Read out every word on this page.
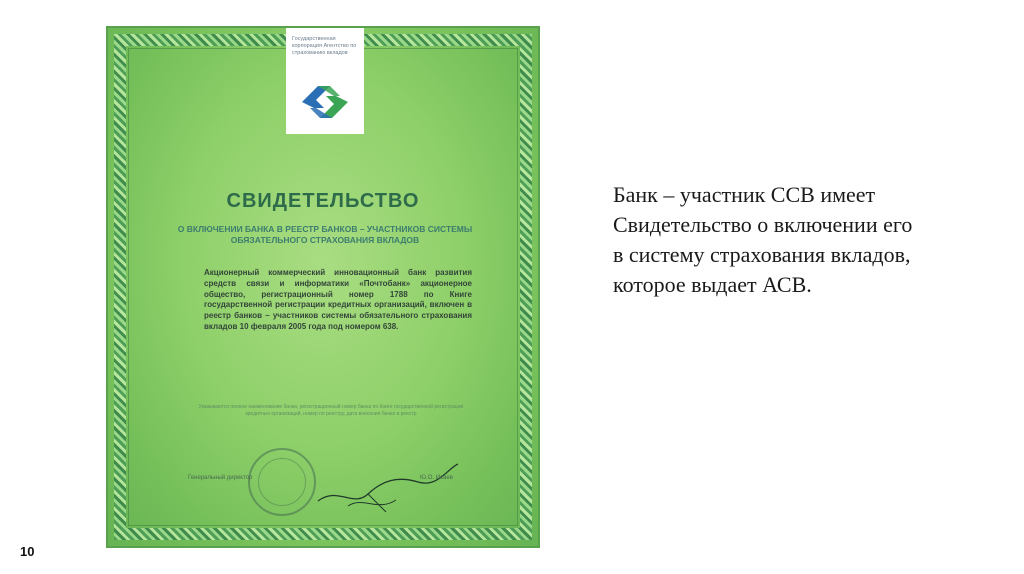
Государственная корпорация Агентство по страхованию вкладов
СВИДЕТЕЛЬСТВО
О ВКЛЮЧЕНИИ БАНКА В РЕЕСТР БАНКОВ – УЧАСТНИКОВ СИСТЕМЫ ОБЯЗАТЕЛЬНОГО СТРАХОВАНИЯ ВКЛАДОВ
Акционерный коммерческий инновационный банк развития средств связи и информатики «Почтобанк» акционерное общество, регистрационный номер 1788 по Книге государственной регистрации кредитных организаций, включен в реестр банков – участников системы обязательного страхования вкладов 10 февраля 2005 года под номером 638.
Указываются полное наименование банка, регистрационный номер банка по Книге государственной регистрации кредитных организаций, номер по реестру, дата внесения банка в реестр
Генеральный директор	Ю.О. Исаев
Банк – участник ССВ имеет
Свидетельство о включении его
в систему страхования вкладов,
которое выдает АСВ.
10
